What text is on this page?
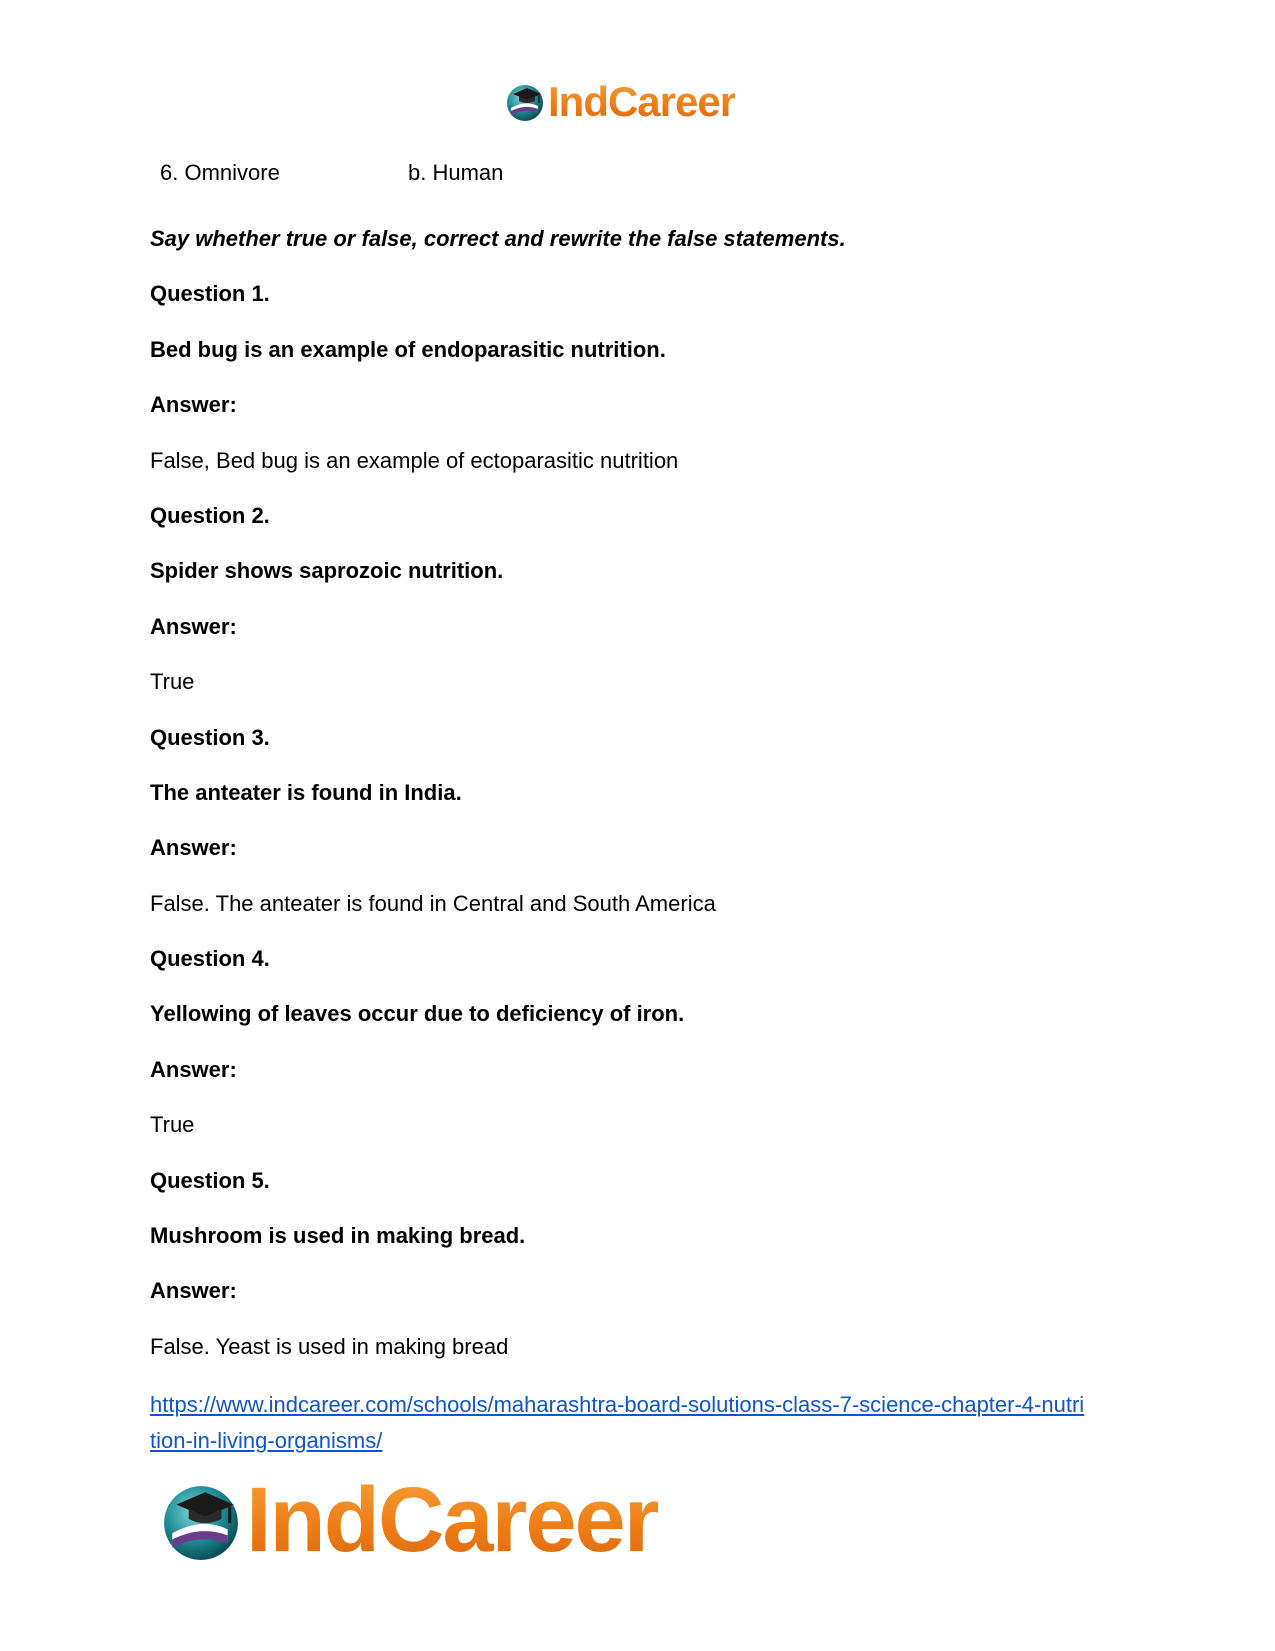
IndCareer
6. Omnivore	b. Human
Say whether true or false, correct and rewrite the false statements.
Question 1.
Bed bug is an example of endoparasitic nutrition.
Answer:
False, Bed bug is an example of ectoparasitic nutrition
Question 2.
Spider shows saprozoic nutrition.
Answer:
True
Question 3.
The anteater is found in India.
Answer:
False. The anteater is found in Central and South America
Question 4.
Yellowing of leaves occur due to deficiency of iron.
Answer:
True
Question 5.
Mushroom is used in making bread.
Answer:
False. Yeast is used in making bread
https://www.indcareer.com/schools/maharashtra-board-solutions-class-7-science-chapter-4-nutri
tion-in-living-organisms/
IndCareer
